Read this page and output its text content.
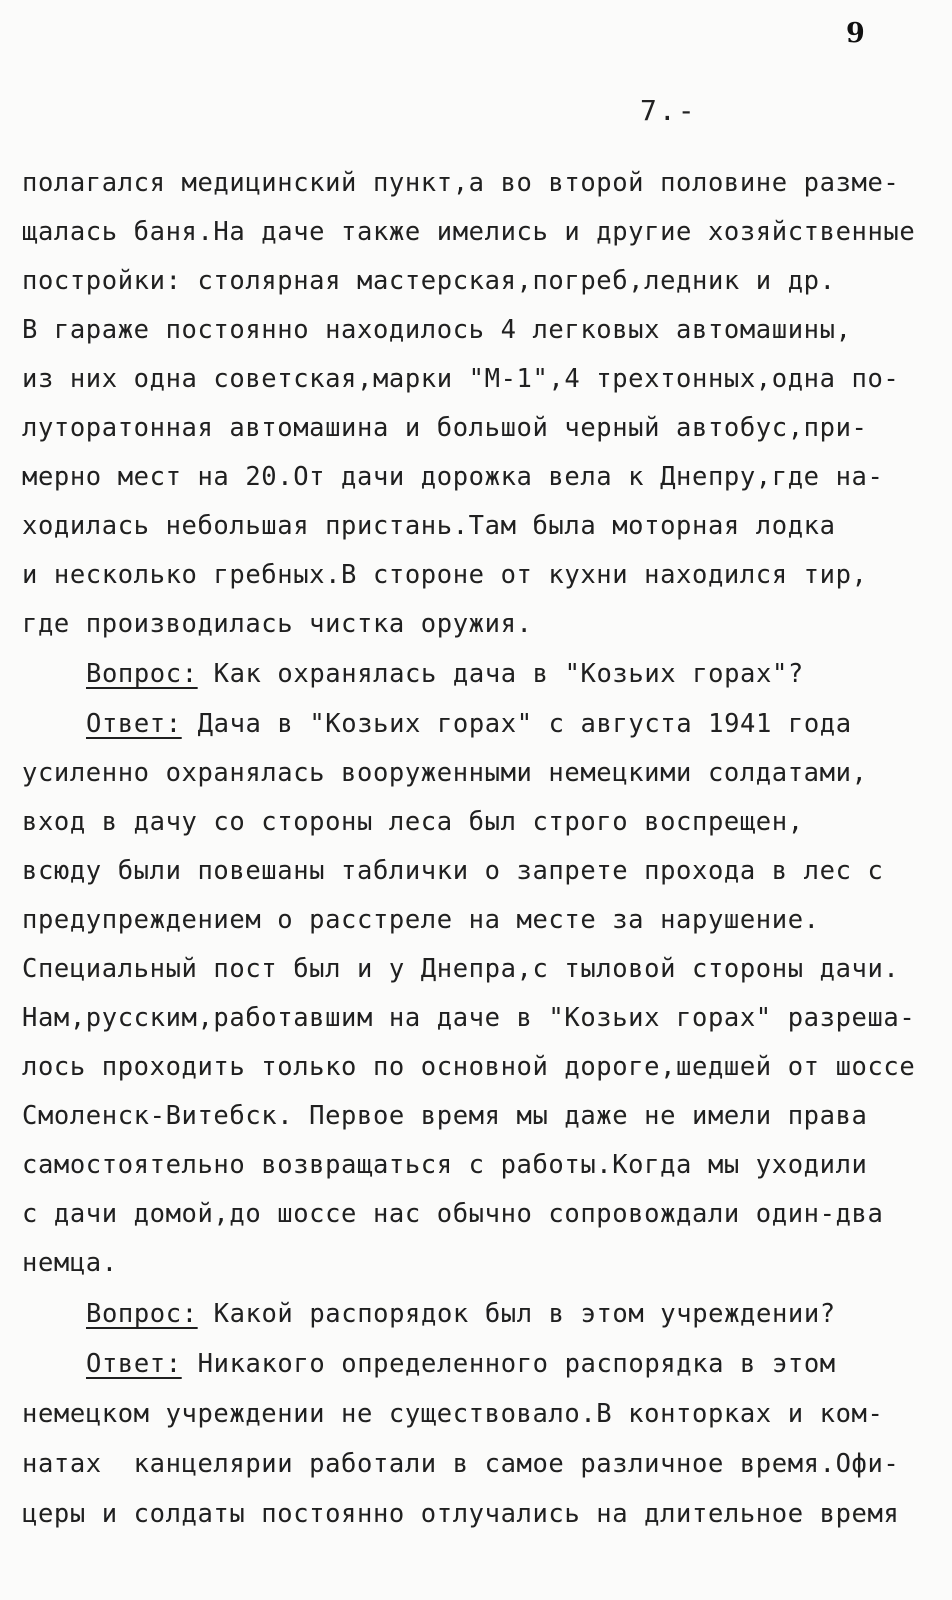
9
7.-
полагался медицинский пункт,а во второй половине разме-
щалась баня.На даче также имелись и другие хозяйственные
постройки: столярная мастерская,погреб,ледник и др.
В гараже постоянно находилось 4 легковых автомашины,
из них одна советская,марки "М-1",4 трехтонных,одна по-
луторатонная автомашина и большой черный автобус,при-
мерно мест на 20.От дачи дорожка вела к Днепру,где на-
ходилась небольшая пристань.Там была моторная лодка
и несколько гребных.В стороне от кухни находился тир,
где производилась чистка оружия.
Вопрос: Как охранялась дача в "Козьих горах"?
Ответ: Дача в "Козьих горах" с августа 1941 года
усиленно охранялась вооруженными немецкими солдатами,
вход в дачу со стороны леса был строго воспрещен,
всюду были повешаны таблички о запрете прохода в лес с
предупреждением о расстреле на месте за нарушение.
Специальный пост был и у Днепра,с тыловой стороны дачи.
Нам,русским,работавшим на даче в "Козьих горах" разреша-
лось проходить только по основной дороге,шедшей от шоссе
Смоленск-Витебск. Первое время мы даже не имели права
самостоятельно возвращаться с работы.Когда мы уходили
с дачи домой,до шоссе нас обычно сопровождали один-два
немца.
Вопрос: Какой распорядок был в этом учреждении?
Ответ: Никакого определенного распорядка в этом
немецком учреждении не существовало.В конторках и ком-
натах  канцелярии работали в самое различное время.Офи-
церы и солдаты постоянно отлучались на длительное время
